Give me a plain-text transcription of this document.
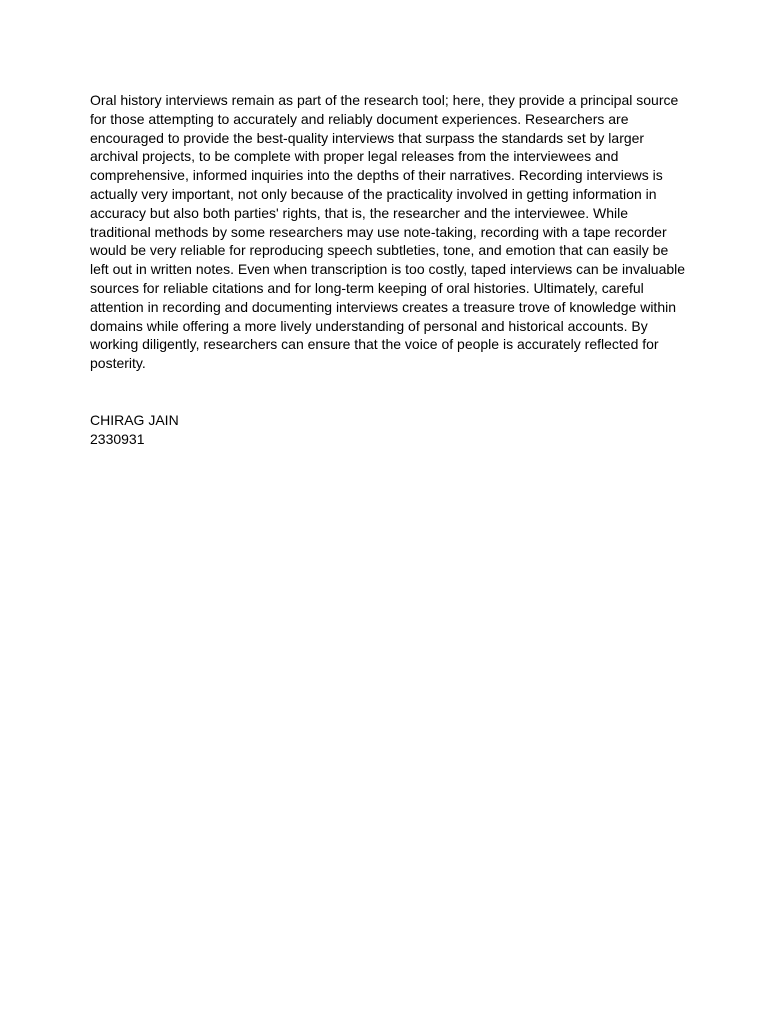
Oral history interviews remain as part of the research tool; here, they provide a principal source
for those attempting to accurately and reliably document experiences. Researchers are
encouraged to provide the best-quality interviews that surpass the standards set by larger
archival projects, to be complete with proper legal releases from the interviewees and
comprehensive, informed inquiries into the depths of their narratives. Recording interviews is
actually very important, not only because of the practicality involved in getting information in
accuracy but also both parties' rights, that is, the researcher and the interviewee. While
traditional methods by some researchers may use note-taking, recording with a tape recorder
would be very reliable for reproducing speech subtleties, tone, and emotion that can easily be
left out in written notes. Even when transcription is too costly, taped interviews can be invaluable
sources for reliable citations and for long-term keeping of oral histories. Ultimately, careful
attention in recording and documenting interviews creates a treasure trove of knowledge within
domains while offering a more lively understanding of personal and historical accounts. By
working diligently, researchers can ensure that the voice of people is accurately reflected for
posterity.

CHIRAG JAIN
2330931
